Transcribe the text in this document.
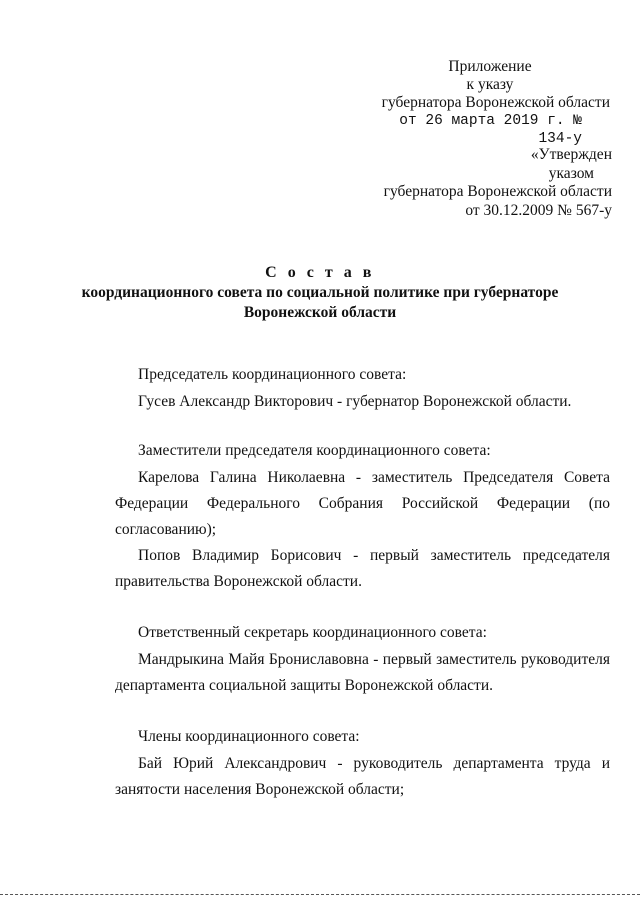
Приложение
к указу
губернатора Воронежской области
от 26 марта 2019 г. № 134-у
«Утвержден
указом
губернатора Воронежской области
от 30.12.2009 № 567-у
С о с т а в
координационного совета по социальной политике при губернаторе
Воронежской области
Председатель координационного совета:
Гусев Александр Викторович - губернатор Воронежской области.
Заместители председателя координационного совета:
Карелова Галина Николаевна - заместитель Председателя Совета
Федерации Федерального Собрания Российской Федерации (по
согласованию);
Попов Владимир Борисович - первый заместитель председателя
правительства Воронежской области.
Ответственный секретарь координационного совета:
Мандрыкина Майя Брониславовна - первый заместитель руководителя
департамента социальной защиты Воронежской области.
Члены координационного совета:
Бай Юрий Александрович - руководитель департамента труда и
занятости населения Воронежской области;
